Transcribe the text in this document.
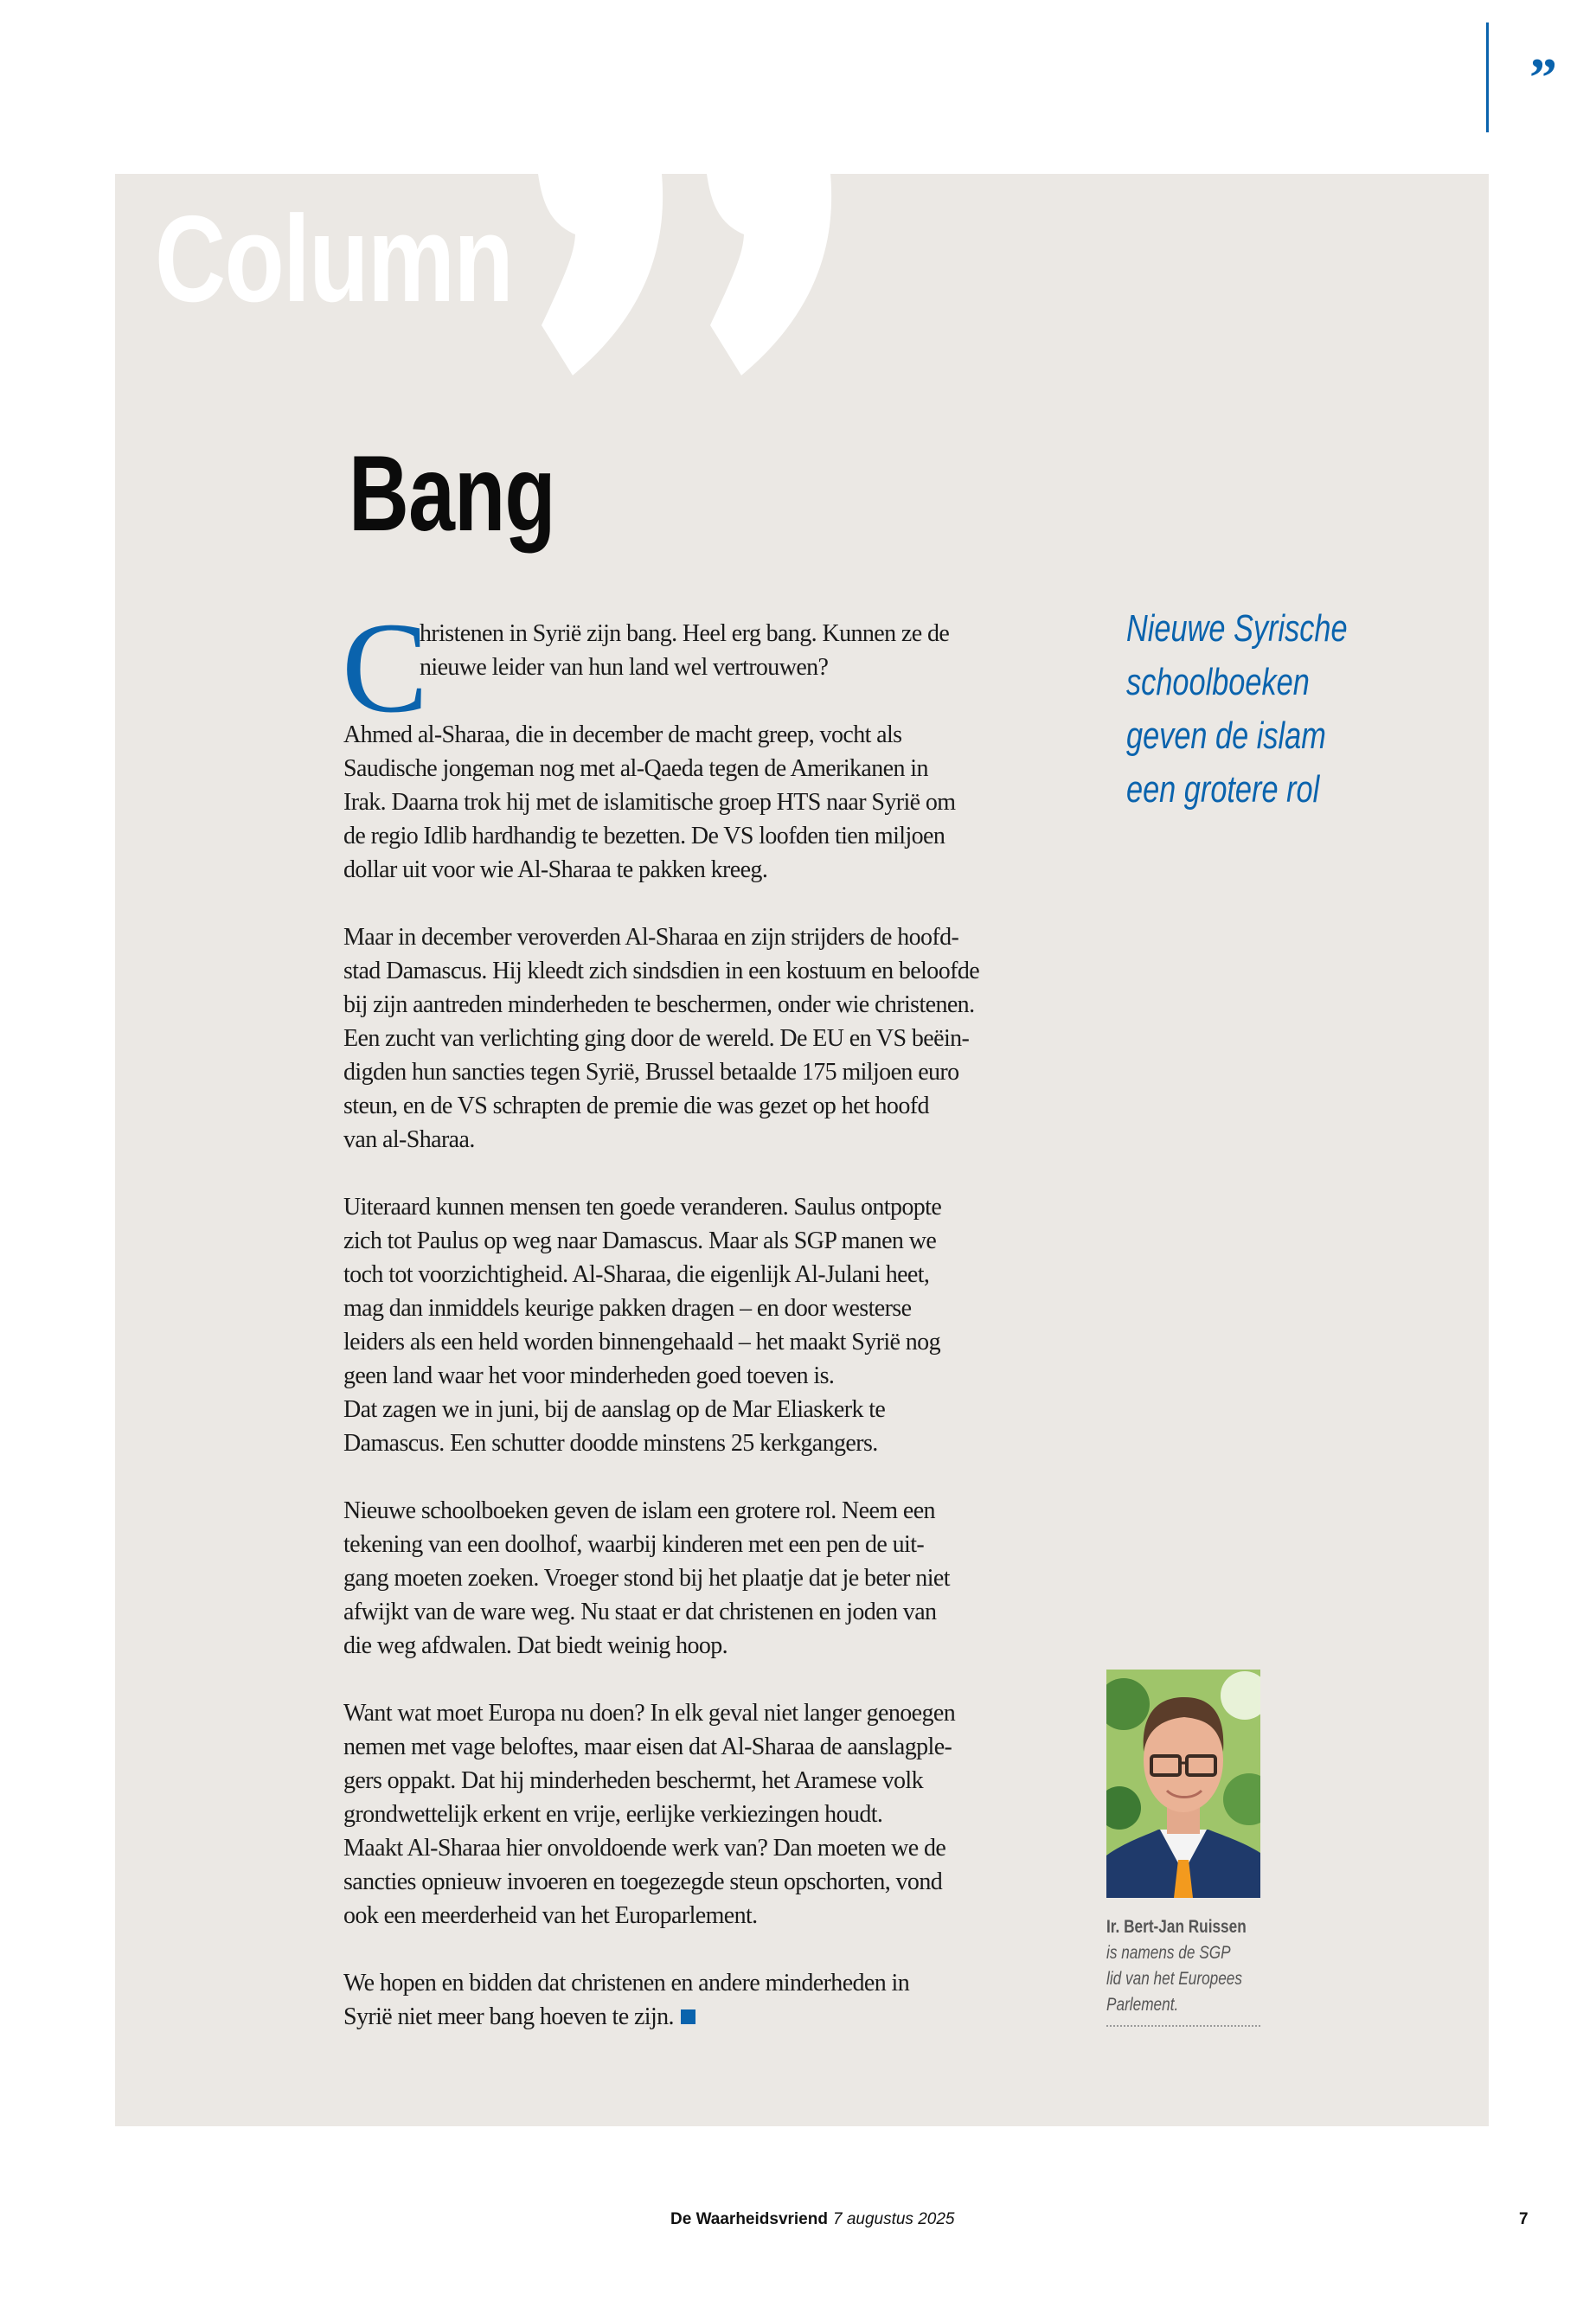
”
Column
Bang
C
hristenen in Syrië zijn bang. Heel erg bang. Kunnen ze de
nieuwe leider van hun land wel vertrouwen?
Ahmed al-Sharaa, die in december de macht greep, vocht als
Saudische jongeman nog met al-Qaeda tegen de Amerikanen in
Irak. Daarna trok hij met de islamitische groep HTS naar Syrië om
de regio Idlib hardhandig te bezetten. De VS loofden tien miljoen
dollar uit voor wie Al-Sharaa te pakken kreeg.
Maar in december veroverden Al-Sharaa en zijn strijders de hoofd-
stad Damascus. Hij kleedt zich sindsdien in een kostuum en beloofde
bij zijn aantreden minderheden te beschermen, onder wie christenen.
Een zucht van verlichting ging door de wereld. De EU en VS beëin-
digden hun sancties tegen Syrië, Brussel betaalde 175 miljoen euro
steun, en de VS schrapten de premie die was gezet op het hoofd
van al-Sharaa.
Uiteraard kunnen mensen ten goede veranderen. Saulus ontpopte
zich tot Paulus op weg naar Damascus. Maar als SGP manen we
toch tot voorzichtigheid. Al-Sharaa, die eigenlijk Al-Julani heet,
mag dan inmiddels keurige pakken dragen – en door westerse
leiders als een held worden binnengehaald – het maakt Syrië nog
geen land waar het voor minderheden goed toeven is.
Dat zagen we in juni, bij de aanslag op de Mar Eliaskerk te
Damascus. Een schutter doodde minstens 25 kerkgangers.
Nieuwe schoolboeken geven de islam een grotere rol. Neem een
tekening van een doolhof, waarbij kinderen met een pen de uit-
gang moeten zoeken. Vroeger stond bij het plaatje dat je beter niet
afwijkt van de ware weg. Nu staat er dat christenen en joden van
die weg afdwalen. Dat biedt weinig hoop.
Want wat moet Europa nu doen? In elk geval niet langer genoegen
nemen met vage beloftes, maar eisen dat Al-Sharaa de aanslagple-
gers oppakt. Dat hij minderheden beschermt, het Aramese volk
grondwettelijk erkent en vrije, eerlijke verkiezingen houdt.
Maakt Al-Sharaa hier onvoldoende werk van? Dan moeten we de
sancties opnieuw invoeren en toegezegde steun opschorten, vond
ook een meerderheid van het Europarlement.
We hopen en bidden dat christenen en andere minderheden in
Syrië niet meer bang hoeven te zijn.
Nieuwe Syrische
schoolboeken
geven de islam
een grotere rol
Ir. Bert-Jan Ruissen
is namens de SGP
lid van het Europees
Parlement.
De Waarheidsvriend 7 augustus 2025	7
